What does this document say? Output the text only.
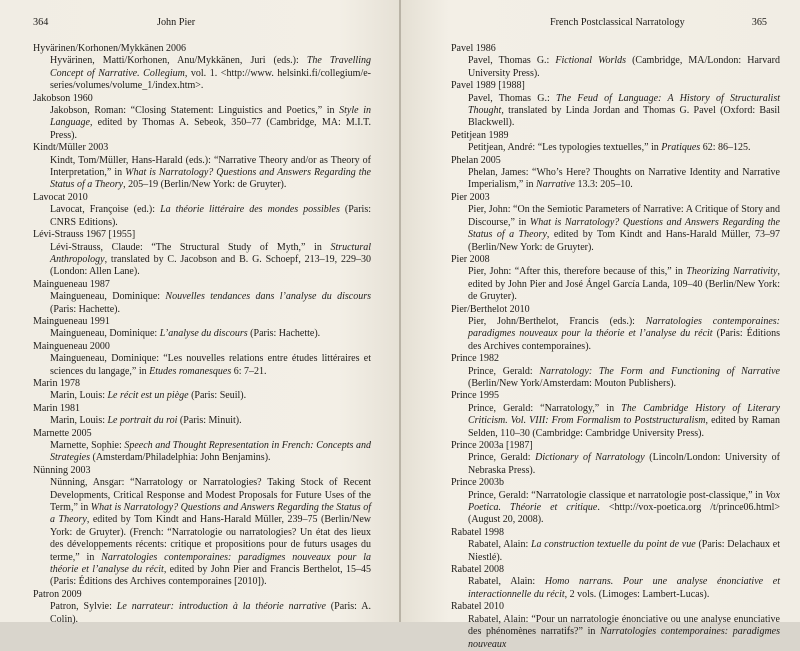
364	John Pier
Hyvärinen/Korhonen/Mykkänen 2006
Hyvärinen, Matti/Korhonen, Anu/Mykkänen, Juri (eds.): The Travelling Concept of Narrative. Collegium, vol. 1. <http://www. helsinki.fi/collegium/e-series/volumes/volume_1/index.htm>.
Jakobson 1960
Jakobson, Roman: “Closing Statement: Linguistics and Poetics,” in Style in Language, edited by Thomas A. Sebeok, 350–77 (Cambridge, MA: M.I.T. Press).
Kindt/Müller 2003
Kindt, Tom/Müller, Hans-Harald (eds.): “Narrative Theory and/or as Theory of Interpretation,” in What is Narratology? Questions and Answers Regarding the Status of a Theory, 205–19 (Berlin/New York: de Gruyter).
Lavocat 2010
Lavocat, Françoise (ed.): La théorie littéraire des mondes possibles (Paris: CNRS Editions).
Lévi-Strauss 1967 [1955]
Lévi-Strauss, Claude: “The Structural Study of Myth,” in Structural Anthropology, translated by C. Jacobson and B. G. Schoepf, 213–19, 229–30 (London: Allen Lane).
Maingueneau 1987
Maingueneau, Dominique: Nouvelles tendances dans l’analyse du discours (Paris: Hachette).
Maingueneau 1991
Maingueneau, Dominique: L’analyse du discours (Paris: Hachette).
Maingueneau 2000
Maingueneau, Dominique: “Les nouvelles relations entre études littéraires et sciences du langage,” in Etudes romanesques 6: 7–21.
Marin 1978
Marin, Louis: Le récit est un piège (Paris: Seuil).
Marin 1981
Marin, Louis: Le portrait du roi (Paris: Minuit).
Marnette 2005
Marnette, Sophie: Speech and Thought Representation in French: Concepts and Strategies (Amsterdam/Philadelphia: John Benjamins).
Nünning 2003
Nünning, Ansgar: “Narratology or Narratologies? Taking Stock of Recent Developments, Critical Response and Modest Proposals for Future Uses of the Term,” in What is Narratology? Questions and Answers Regarding the Status of a Theory, edited by Tom Kindt and Hans-Harald Müller, 239–75 (Berlin/New York: de Gruyter). (French: “Narratologie ou narratologies? Un état des lieux des développements récents: critique et propositions pour de futurs usages du terme,” in Narratologies contemporaines: paradigmes nouveaux pour la théorie et l’analyse du récit, edited by John Pier and Francis Berthelot, 15–45 (Paris: Éditions des Archives contemporaines [2010]).
Patron 2009
Patron, Sylvie: Le narrateur: introduction à la théorie narrative (Paris: A. Colin).
French Postclassical Narratology	365
Pavel 1986
Pavel, Thomas G.: Fictional Worlds (Cambridge, MA/London: Harvard University Press).
Pavel 1989 [1988]
Pavel, Thomas G.: The Feud of Language: A History of Structuralist Thought, translated by Linda Jordan and Thomas G. Pavel (Oxford: Basil Blackwell).
Petitjean 1989
Petitjean, André: “Les typologies textuelles,” in Pratiques 62: 86–125.
Phelan 2005
Phelan, James: “Who’s Here? Thoughts on Narrative Identity and Narrative Imperialism,” in Narrative 13.3: 205–10.
Pier 2003
Pier, John: “On the Semiotic Parameters of Narrative: A Critique of Story and Discourse,” in What is Narratology? Questions and Answers Regarding the Status of a Theory, edited by Tom Kindt and Hans-Harald Müller, 73–97 (Berlin/New York: de Gruyter).
Pier 2008
Pier, John: “After this, therefore because of this,” in Theorizing Narrativity, edited by John Pier and José Ángel García Landa, 109–40 (Berlin/New York: de Gruyter).
Pier/Berthelot 2010
Pier, John/Berthelot, Francis (eds.): Narratologies contemporaines: paradigmes nouveaux pour la théorie et l’analyse du récit (Paris: Éditions des Archives contemporaines).
Prince 1982
Prince, Gerald: Narratology: The Form and Functioning of Narrative (Berlin/New York/Amsterdam: Mouton Publishers).
Prince 1995
Prince, Gerald: “Narratology,” in The Cambridge History of Literary Criticism. Vol. VIII: From Formalism to Poststructuralism, edited by Raman Selden, 110–30 (Cambridge: Cambridge University Press).
Prince 2003a [1987]
Prince, Gerald: Dictionary of Narratology (Lincoln/London: University of Nebraska Press).
Prince 2003b
Prince, Gerald: “Narratologie classique et narratologie post-classique,” in Vox Poetica. Théorie et critique. <http://vox-poetica.org /t/prince06.html> (August 20, 2008).
Rabatel 1998
Rabatel, Alain: La construction textuelle du point de vue (Paris: Delachaux et Niestlé).
Rabatel 2008
Rabatel, Alain: Homo narrans. Pour une analyse énonciative et interactionnelle du récit, 2 vols. (Limoges: Lambert-Lucas).
Rabatel 2010
Rabatel, Alain: “Pour un narratologie énonciative ou une analyse enunciative des phénomènes narratifs?” in Narratologies contemporaines: paradigmes nouveaux
